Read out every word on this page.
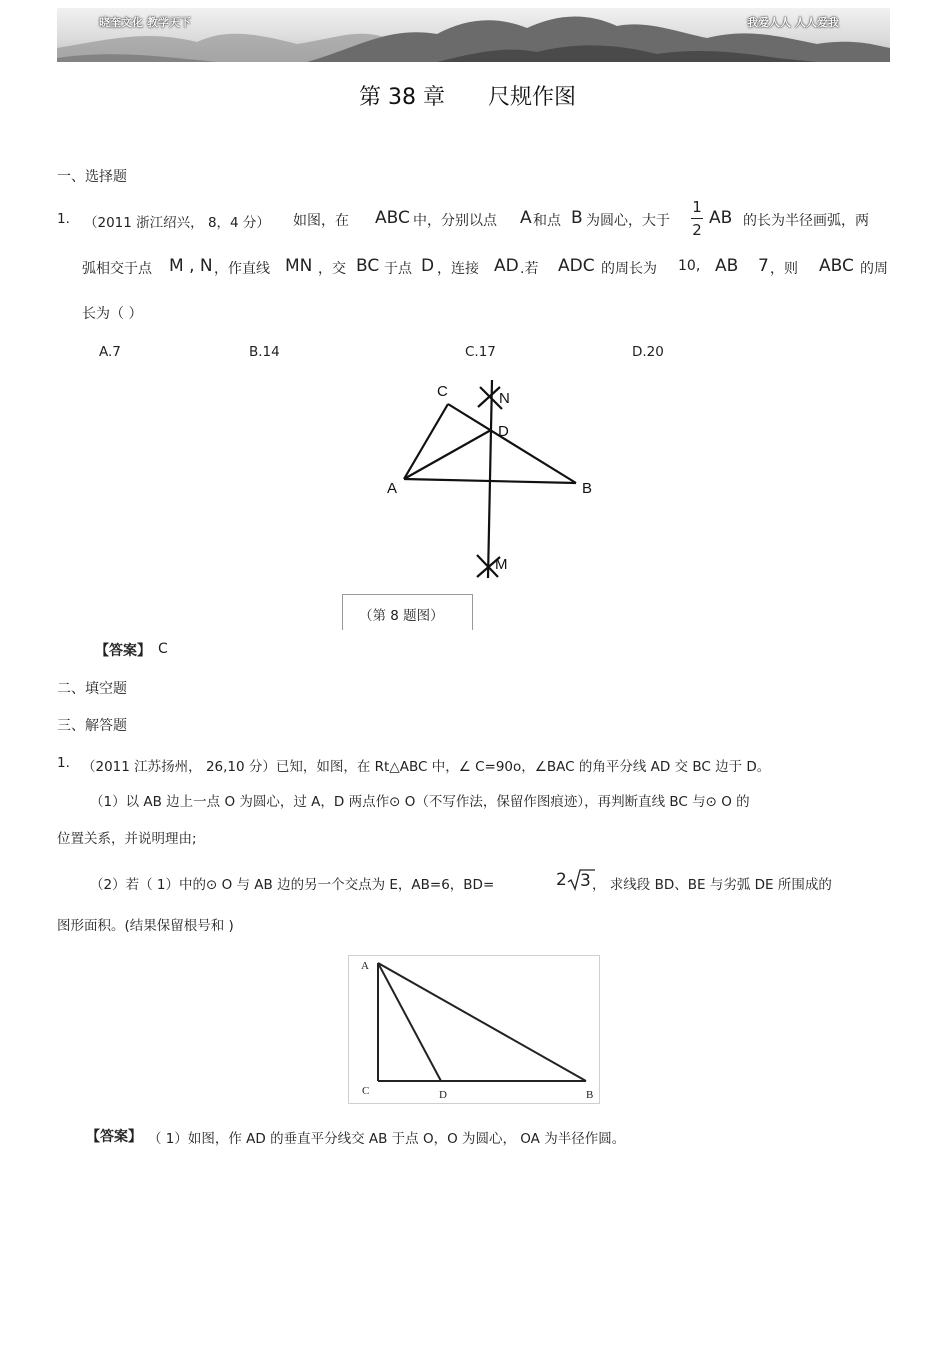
晓奎文化 教学天下	我爱人人 人人爱我
第 38 章 尺规作图
一、选择题
1. （2011 浙江绍兴， 8，4 分） 如图，在 ABC 中，分别以点 A 和点 B 为圆心，大于
1
2
AB 的长为半径画弧，两
弧相交于点 M , N ，作直线 MN ，交 BC 于点 D ，连接 AD .若 ADC 的周长为 10, AB 7 ，则 ABC 的周
长为（ ）
A.7	B.14	C.17	D.20
C	N
D
A	B
M
（第 8 题图）
【答案】 C
二、填空题
三、解答题
1. （2011 江苏扬州， 26,10 分）已知，如图，在 Rt△ABC 中，∠ C=90o，∠BAC 的角平分线 AD 交 BC 边于 D。
（1）以 AB 边上一点 O 为圆心，过 A，D 两点作⊙ O（不写作法，保留作图痕迹），再判断直线 BC 与⊙ O 的
位置关系，并说明理由;
（2）若（ 1）中的⊙ O 与 AB 边的另一个交点为 E，AB=6，BD=	2 3 ， 求线段 BD、BE 与劣弧 DE 所围成的
图形面积。(结果保留根号和 )
A
C	D	B
【答案】 （ 1）如图，作 AD 的垂直平分线交 AB 于点 O，O 为圆心， OA 为半径作圆。
